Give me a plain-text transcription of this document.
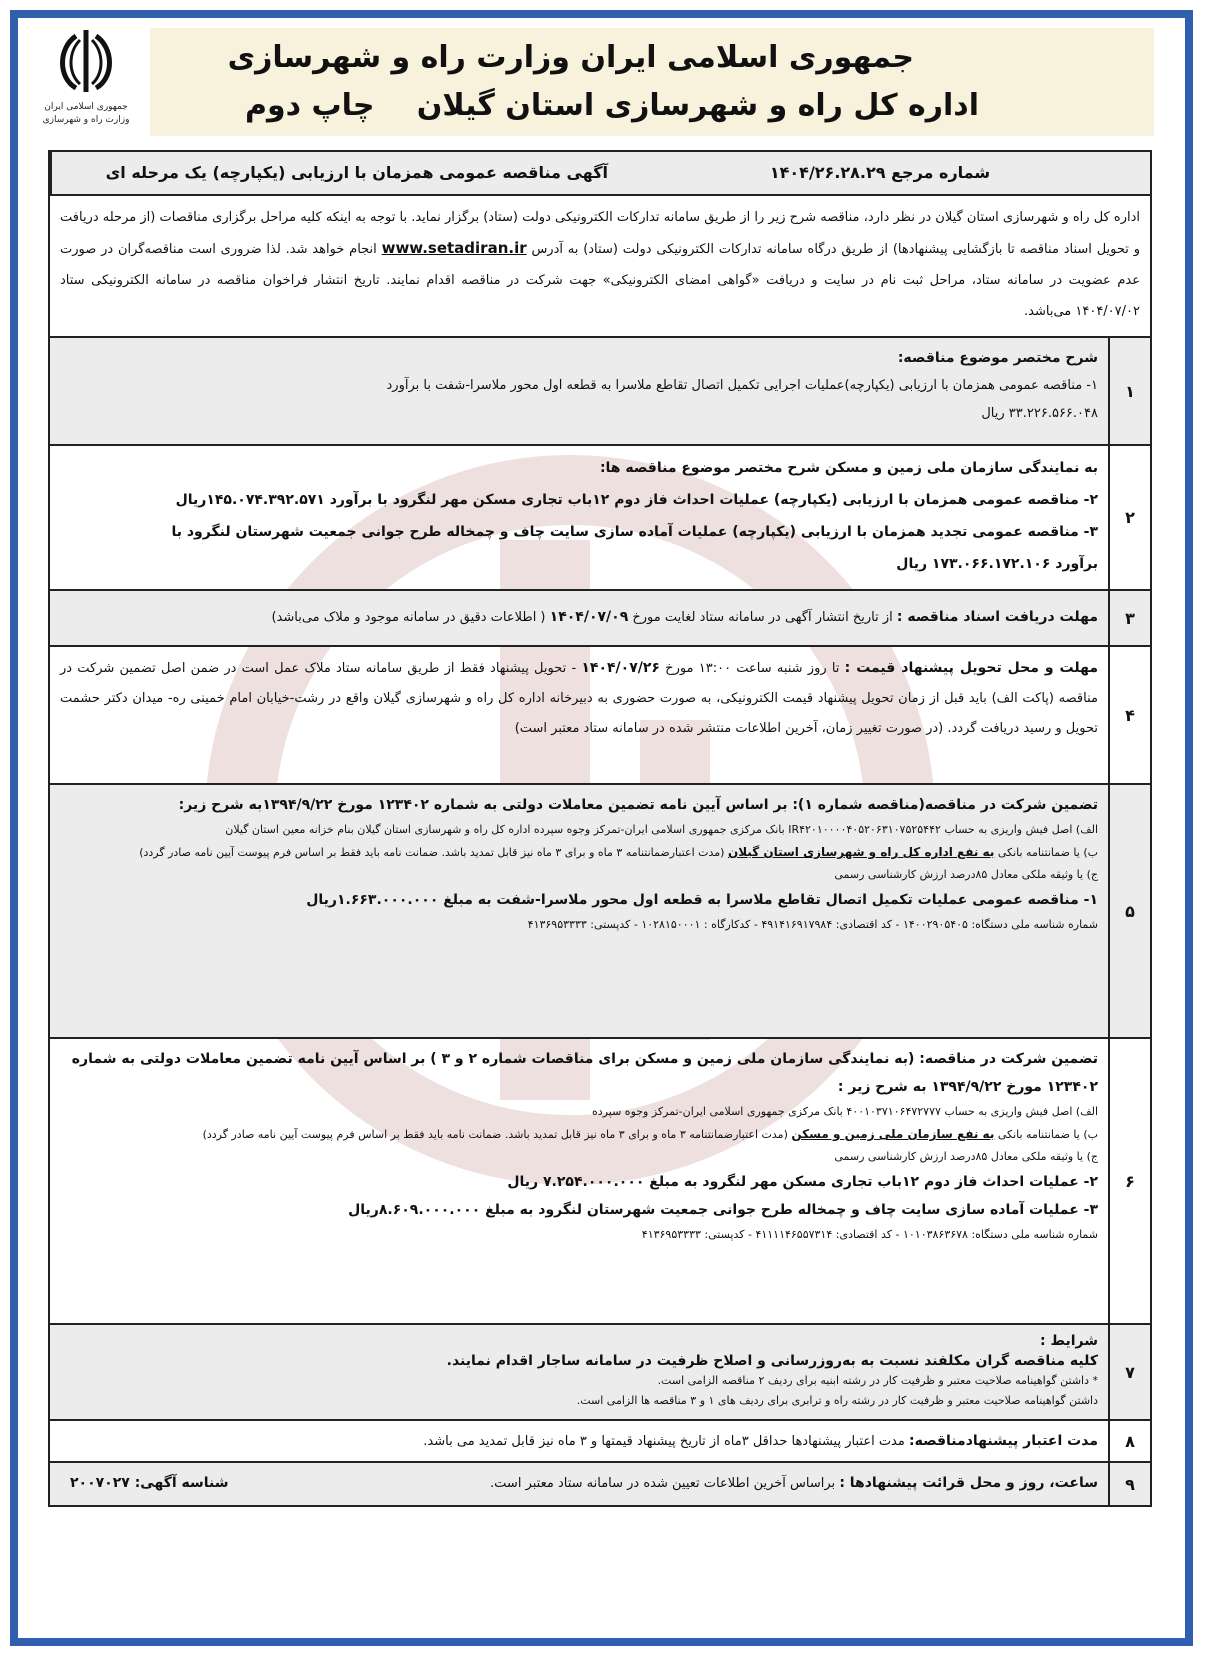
جمهوری اسلامی ایران
وزارت راه و شهرسازی
جمهوری اسلامی ایران وزارت راه و شهرسازی
اداره کل راه و شهرسازی استان گیلان
چاپ دوم
آگهی مناقصه عمومی همزمان با ارزیابی (یکپارچه) یک مرحله ای	شماره مرجع ۱۴۰۴/۲۶.۲۸.۲۹
اداره کل راه و شهرسازی استان گیلان در نظر دارد، مناقصه شرح زیر را از طریق سامانه تدارکات الکترونیکی دولت (ستاد) برگزار نماید. با توجه به اینکه کلیه مراحل برگزاری مناقصات (از مرحله دریافت و تحویل اسناد مناقصه تا بازگشایی پیشنهادها) از طریق درگاه سامانه تدارکات الکترونیکی دولت (ستاد) به آدرس www.setadiran.ir انجام خواهد شد. لذا ضروری است مناقصه‌گران در صورت عدم عضویت در سامانه ستاد، مراحل ثبت نام در سایت و دریافت «گواهی امضای الکترونیکی» جهت شرکت در مناقصه اقدام نمایند. تاریخ انتشار فراخوان مناقصه در سامانه الکترونیکی ستاد ۱۴۰۴/۰۷/۰۲ می‌باشد.
۱

شرح مختصر موضوع مناقصه:

۱- مناقصه عمومی همزمان با ارزیابی (یکپارچه)عملیات اجرایی تکمیل اتصال تقاطع ملاسرا به قطعه اول محور ملاسرا-شفت با برآورد

۳۳.۲۲۶.۵۶۶.۰۴۸ ریال

۲

به نمایندگی سازمان ملی زمین و مسکن شرح مختصر موضوع مناقصه ها:

۲- مناقصه عمومی همزمان با ارزیابی (یکپارچه) عملیات احداث فاز دوم ۱۲باب تجاری مسکن مهر لنگرود با برآورد ۱۴۵.۰۷۴.۳۹۲.۵۷۱ریال

۳- مناقصه عمومی تجدید همزمان با ارزیابی (یکپارچه) عملیات آماده سازی سایت چاف و چمخاله طرح جوانی جمعیت شهرستان لنگرود با

برآورد ۱۷۳.۰۶۶.۱۷۲.۱۰۶ ریال

۳
مهلت دریافت اسناد مناقصه : از تاریخ انتشار آگهی در سامانه ستاد لغایت مورخ ۱۴۰۴/۰۷/۰۹ ( اطلاعات دقیق در سامانه موجود و ملاک می‌باشد)
۴
مهلت و محل تحویل پیشنهاد قیمت : تا روز شنبه ساعت ۱۳:۰۰ مورخ ۱۴۰۴/۰۷/۲۶ - تحویل پیشنهاد فقط از طریق سامانه ستاد ملاک عمل است در ضمن اصل تضمین شرکت در مناقصه (پاکت الف) باید قبل از زمان تحویل پیشنهاد قیمت الکترونیکی، به صورت حضوری به دبیرخانه اداره کل راه و شهرسازی گیلان واقع در رشت-خیابان امام خمینی ره- میدان دکتر حشمت تحویل و رسید دریافت گردد. (در صورت تغییر زمان، آخرین اطلاعات منتشر شده در سامانه ستاد معتبر است)
۵

تضمین شرکت در مناقصه(مناقصه شماره ۱): بر اساس آیین نامه تضمین معاملات دولتی به شماره ۱۲۳۴۰۲ مورخ ۱۳۹۴/۹/۲۲به شرح زیر:

الف) اصل فیش واریزی به حساب IR۴۲۰۱۰۰۰۰۴۰۵۲۰۶۳۱۰۷۵۲۵۴۴۲ بانک مرکزی جمهوری اسلامی ایران-تمرکز وجوه سپرده اداره کل راه و شهرسازی استان گیلان بنام خزانه معین استان گیلان

ب) یا ضمانتنامه بانکی به نفع اداره کل راه و شهرسازی استان گیلان (مدت اعتبارضمانتنامه ۳ ماه و برای ۳ ماه نیز قابل تمدید باشد. ضمانت نامه باید فقط بر اساس فرم پیوست آیین نامه صادر گردد)

ج) یا وثیقه ملکی معادل ۸۵درصد ارزش کارشناسی رسمی

۱- مناقصه عمومی عملیات تکمیل اتصال تقاطع ملاسرا به قطعه اول محور ملاسرا-شفت به مبلغ ۱.۶۶۳.۰۰۰.۰۰۰ریال

شماره شناسه ملی دستگاه: ۱۴۰۰۲۹۰۵۴۰۵ - کد اقتصادی: ۴۹۱۴۱۶۹۱۷۹۸۴ - کدکارگاه : ۱۰۲۸۱۵۰۰۰۱ - کدپستی: ۴۱۳۶۹۵۳۳۳۳

۶

تضمین شرکت در مناقصه: (به نمایندگی سازمان ملی زمین و مسکن برای مناقصات شماره ۲ و ۳ ) بر اساس آیین نامه تضمین معاملات دولتی به شماره ۱۲۳۴۰۲ مورخ ۱۳۹۴/۹/۲۲ به شرح زیر :

الف) اصل فیش واریزی به حساب ۴۰۰۱۰۳۷۱۰۶۴۷۲۷۷۷ بانک مرکزی جمهوری اسلامی ایران-تمرکز وجوه سپرده

ب) یا ضمانتنامه بانکی به نفع سازمان ملی زمین و مسکن (مدت اعتبارضمانتنامه ۳ ماه و برای ۳ ماه نیز قابل تمدید باشد. ضمانت نامه باید فقط بر اساس فرم پیوست آیین نامه صادر گردد)

ج) یا وثیقه ملکی معادل ۸۵درصد ارزش کارشناسی رسمی

۲- عملیات احداث فاز دوم ۱۲باب تجاری مسکن مهر لنگرود به مبلغ ۷.۲۵۴.۰۰۰.۰۰۰ ریال

۳- عملیات آماده سازی سایت چاف و چمخاله طرح جوانی جمعیت شهرستان لنگرود به مبلغ ۸.۶۰۹.۰۰۰.۰۰۰ریال

شماره شناسه ملی دستگاه: ۱۰۱۰۳۸۶۳۶۷۸ - کد اقتصادی: ۴۱۱۱۱۴۶۵۵۷۳۱۴ - کدپستی: ۴۱۳۶۹۵۳۳۳۳

۷

شرایط :

کلیه مناقصه گران مکلفند نسبت به به‌روزرسانی و اصلاح ظرفیت در سامانه ساجار اقدام نمایند.

* داشتن گواهینامه صلاحیت معتبر و ظرفیت کار در رشته ابنیه برای ردیف ۲ مناقصه الزامی است.

داشتن گواهینامه صلاحیت معتبر و ظرفیت کار در رشته راه و ترابری برای ردیف های ۱ و ۳ مناقصه ها الزامی است.

۸
مدت اعتبار پیشنهادمناقصه: مدت اعتبار پیشنهادها حداقل ۳ماه از تاریخ پیشنهاد قیمتها و ۳ ماه نیز قابل تمدید می باشد.
۹
ساعت، روز و محل قرائت پیشنهادها : براساس آخرین اطلاعات تعیین شده در سامانه ستاد معتبر است.
شناسه آگهی: ۲۰۰۷۰۲۷
